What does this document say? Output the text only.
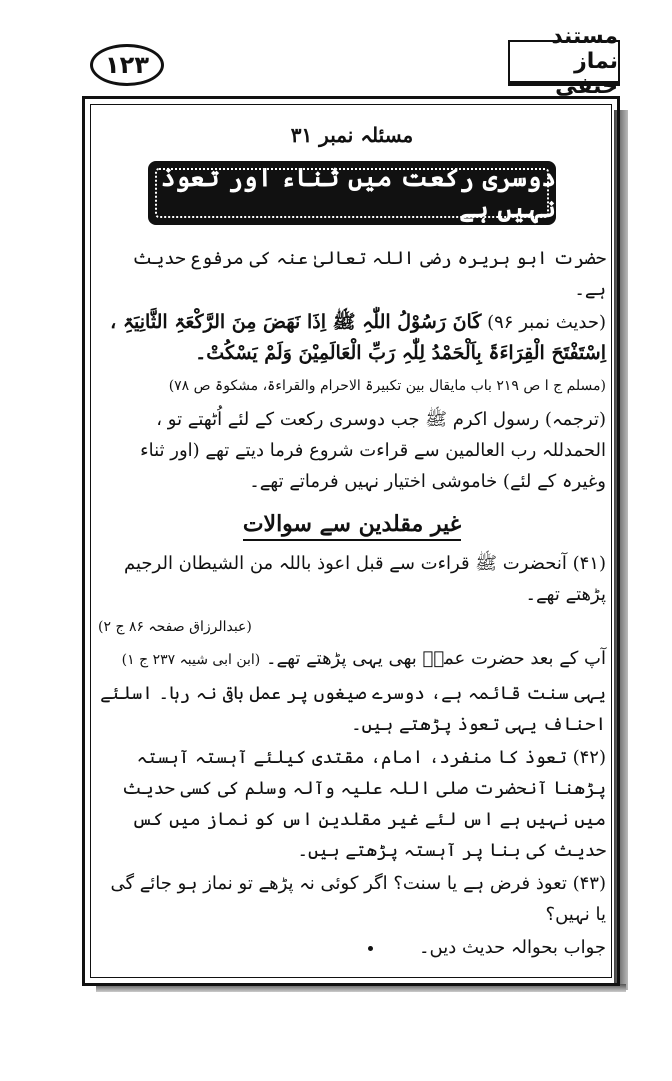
۱۲۳
مستند نماز حنفی
مسئلہ نمبر ۳۱
دوسری رکعت میں ثناء اور تعوذ نہیں ہے

حضرت ابو ہریرہ رضی اللہ تعالیٰ عنہ کی مرفوع حدیث ہے۔

(حدیث نمبر ۹۶) کَانَ رَسُوْلُ اللّٰہِ ﷺ اِذَا نَھَضَ مِنَ الرَّکْعَۃِ الثَّانِیَۃِ ، اِسْتَفْتَحَ الْقِرَاءَۃَ بِاَلْحَمْدُ لِلّٰہِ رَبِّ الْعَالَمِیْنَ وَلَمْ یَسْکُتْ۔

(مسلم ج ا ص ۲۱۹ باب مایقال بین تکبیرۃ الاحرام والقراءۃ، مشکوۃ ص ۷۸)

(ترجمہ) رسول اکرم ﷺ جب دوسری رکعت کے لئے اُٹھتے تو ، الحمدللہ رب العالمین سے قراءت شروع فرما دیتے تھے (اور ثناء وغیرہ کے لئے) خاموشی اختیار نہیں فرماتے تھے۔

غیر مقلدین سے سوالات

(۴۱) آنحضرت ﷺ قراءت سے قبل اعوذ باللہ من الشیطان الرجیم پڑھتے تھے۔

(عبدالرزاق صفحہ ۸۶ ج ۲)

آپ کے بعد حضرت عمرؓ بھی یہی پڑھتے تھے۔ (ابن ابی شیبہ ۲۳۷ ج ۱)

یہی سنت قائمہ ہے، دوسرے صیغوں پر عمل باقی نہ رہا۔ اسلئے احناف یہی تعوذ پڑھتے ہیں۔

(۴۲) تعوذ کا منفرد، امام، مقتدی کیلئے آہستہ آہستہ پڑھنا آنحضرت صلی اللہ علیہ وآلہ وسلم کی کسی حدیث میں نہیں ہے اس لئے غیر مقلدین اس کو نماز میں کس حدیث کی بنا پر آہستہ پڑھتے ہیں۔

(۴۳) تعوذ فرض ہے یا سنت؟ اگر کوئی نہ پڑھے تو نماز ہو جائے گی یا نہیں؟

جواب بحوالہ حدیث دیں۔
